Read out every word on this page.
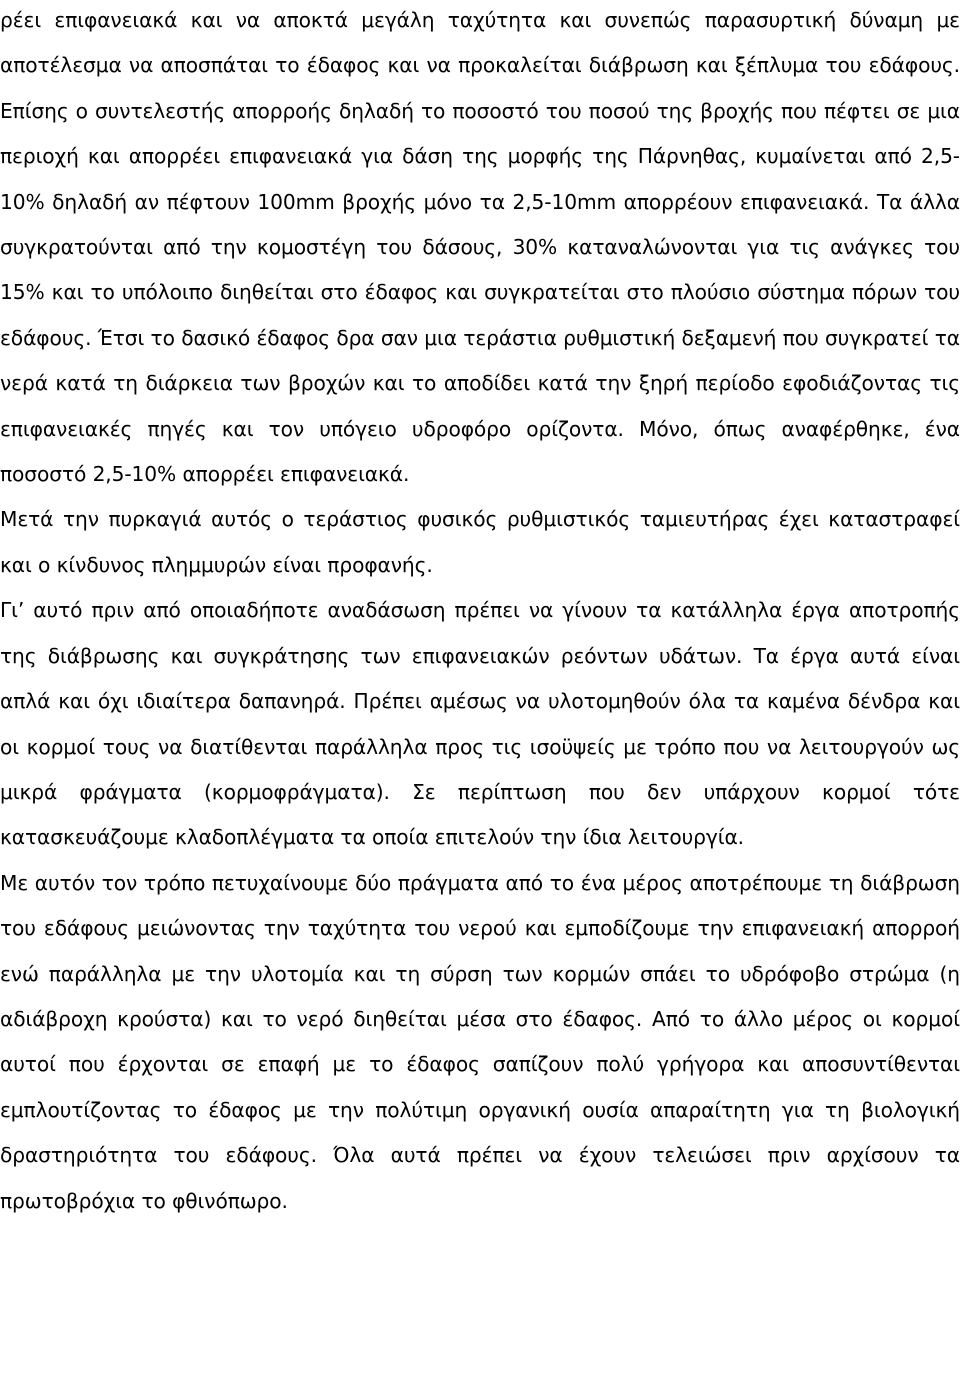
ρέει επιφανειακά και να αποκτά μεγάλη ταχύτητα και συνεπώς παρασυρτική δύναμη με αποτέλεσμα να αποσπάται το έδαφος και να προκαλείται διάβρωση και ξέπλυμα του εδάφους. Επίσης ο συντελεστής απορροής δηλαδή το ποσοστό του ποσού της βροχής που πέφτει σε μια περιοχή και απορρέει επιφανειακά για δάση της μορφής της Πάρνηθας, κυμαίνεται από 2,5-10% δηλαδή αν πέφτουν 100mm βροχής μόνο τα 2,5-10mm απορρέουν επιφανειακά. Τα άλλα συγκρατούνται από την κομοστέγη του δάσους, 30% καταναλώνονται για τις ανάγκες του 15% και το υπόλοιπο διηθείται στο έδαφος και συγκρατείται στο πλούσιο σύστημα πόρων του εδάφους. Έτσι το δασικό έδαφος δρα σαν μια τεράστια ρυθμιστική δεξαμενή που συγκρατεί τα νερά κατά τη διάρκεια των βροχών και το αποδίδει κατά την ξηρή περίοδο εφοδιάζοντας τις επιφανειακές πηγές και τον υπόγειο υδροφόρο ορίζοντα. Μόνο, όπως αναφέρθηκε, ένα ποσοστό 2,5-10% απορρέει επιφανειακά.

Μετά την πυρκαγιά αυτός ο τεράστιος φυσικός ρυθμιστικός ταμιευτήρας έχει καταστραφεί και ο κίνδυνος πλημμυρών είναι προφανής.

Γι’ αυτό πριν από οποιαδήποτε αναδάσωση πρέπει να γίνουν τα κατάλληλα έργα αποτροπής της διάβρωσης και συγκράτησης των επιφανειακών ρεόντων υδάτων. Τα έργα αυτά είναι απλά και όχι ιδιαίτερα δαπανηρά. Πρέπει αμέσως να υλοτομηθούν όλα τα καμένα δένδρα και οι κορμοί τους να διατίθενται παράλληλα προς τις ισοϋψείς με τρόπο που να λειτουργούν ως μικρά φράγματα (κορμοφράγματα). Σε περίπτωση που δεν υπάρχουν κορμοί τότε κατασκευάζουμε κλαδοπλέγματα τα οποία επιτελούν την ίδια λειτουργία.

Με αυτόν τον τρόπο πετυχαίνουμε δύο πράγματα από το ένα μέρος αποτρέπουμε τη διάβρωση του εδάφους μειώνοντας την ταχύτητα του νερού και εμποδίζουμε την επιφανειακή απορροή ενώ παράλληλα με την υλοτομία και τη σύρση των κορμών σπάει το υδρόφοβο στρώμα (η αδιάβροχη κρούστα) και το νερό διηθείται μέσα στο έδαφος. Από το άλλο μέρος οι κορμοί αυτοί που έρχονται σε επαφή με το έδαφος σαπίζουν πολύ γρήγορα και αποσυντίθενται εμπλουτίζοντας το έδαφος με την πολύτιμη οργανική ουσία απαραίτητη για τη βιολογική δραστηριότητα του εδάφους. Όλα αυτά πρέπει να έχουν τελειώσει πριν αρχίσουν τα πρωτοβρόχια το φθινόπωρο.
